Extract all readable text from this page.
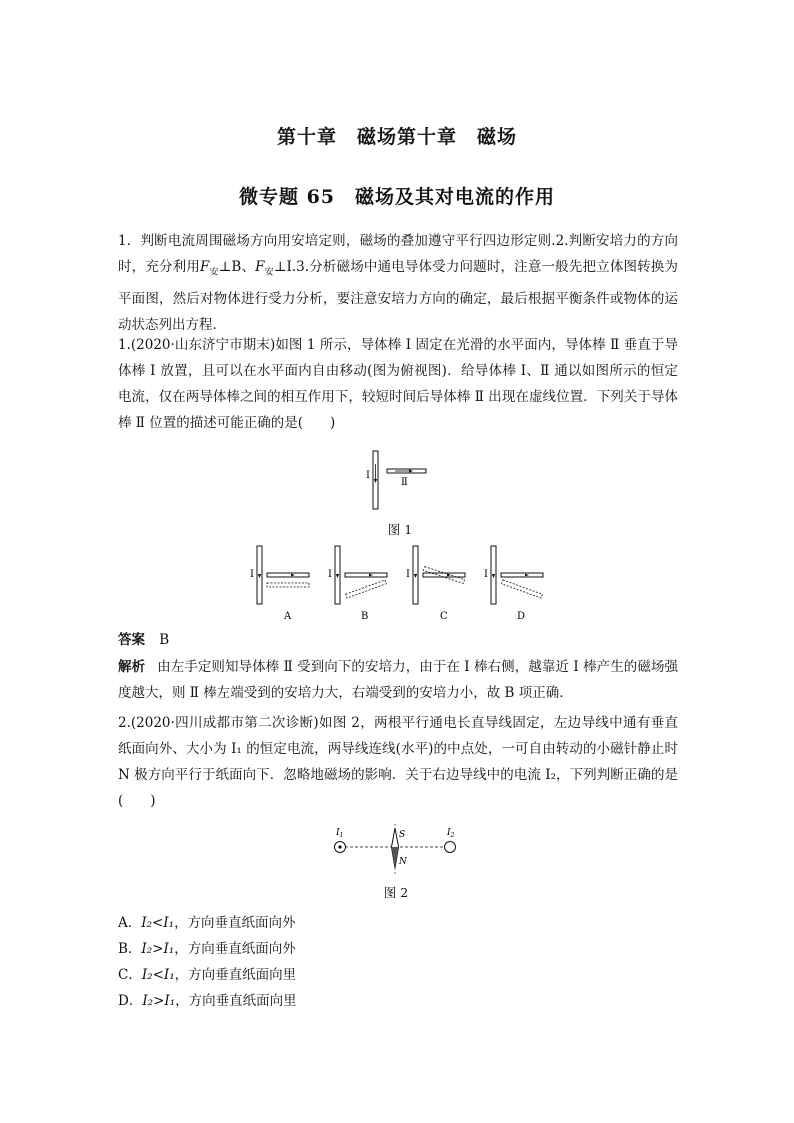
第十章　磁场第十章　磁场
微专题 65　磁场及其对电流的作用
1．判断电流周围磁场方向用安培定则，磁场的叠加遵守平行四边形定则.2.判断安培力的方向时，充分利用$F_安\perp B$、$F_安\perp I.3$.分析磁场中通电导体受力问题时，注意一般先把立体图转换为平面图，然后对物体进行受力分析，要注意安培力方向的确定，最后根据平衡条件或物体的运动状态列出方程．
1.(2020·山东济宁市期末)如图 1 所示，导体棒 Ⅰ 固定在光滑的水平面内，导体棒 Ⅱ 垂直于导体棒 Ⅰ 放置，且可以在水平面内自由移动(图为俯视图)．给导体棒 Ⅰ、Ⅱ 通以如图所示的恒定电流，仅在两导体棒之间的相互作用下，较短时间后导体棒 Ⅱ 出现在虚线位置．下列关于导体棒 Ⅱ 位置的描述可能正确的是(　　)
Ⅰ
Ⅱ
图 1
Ⅰ
A
Ⅰ
B
Ⅰ
C
Ⅰ
D
答案 B
解析 由左手定则知导体棒 Ⅱ 受到向下的安培力，由于在 Ⅰ 棒右侧，越靠近 Ⅰ 棒产生的磁场强度越大，则 Ⅱ 棒左端受到的安培力大，右端受到的安培力小，故 B 项正确．
2.(2020·四川成都市第二次诊断)如图 2，两根平行通电长直导线固定，左边导线中通有垂直纸面向外、大小为 I₁ 的恒定电流，两导线连线(水平)的中点处，一可自由转动的小磁针静止时 N 极方向平行于纸面向下．忽略地磁场的影响．关于右边导线中的电流 I₂，下列判断正确的是(　　)
$I_1$	$I_2$
S
N
图 2
A．I₂<I₁，方向垂直纸面向外
B．I₂>I₁，方向垂直纸面向外
C．I₂<I₁，方向垂直纸面向里
D．I₂>I₁，方向垂直纸面向里
